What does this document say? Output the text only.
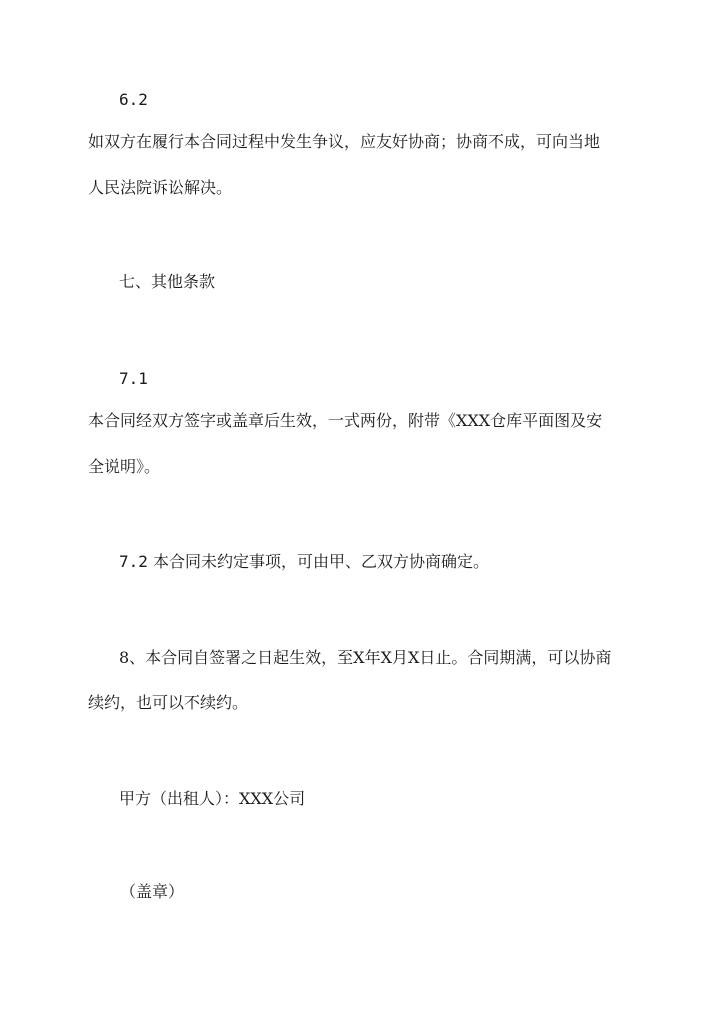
6.2
如双方在履行本合同过程中发生争议，应友好协商；协商不成，可向当地
人民法院诉讼解决。
七、其他条款
7.1
本合同经双方签字或盖章后生效，一式两份，附带《XXX仓库平面图及安
全说明》。
7.2 本合同未约定事项，可由甲、乙双方协商确定。
8、本合同自签署之日起生效，至X年X月X日止。合同期满，可以协商
续约，也可以不续约。
甲方（出租人）：XXX公司
（盖章）
